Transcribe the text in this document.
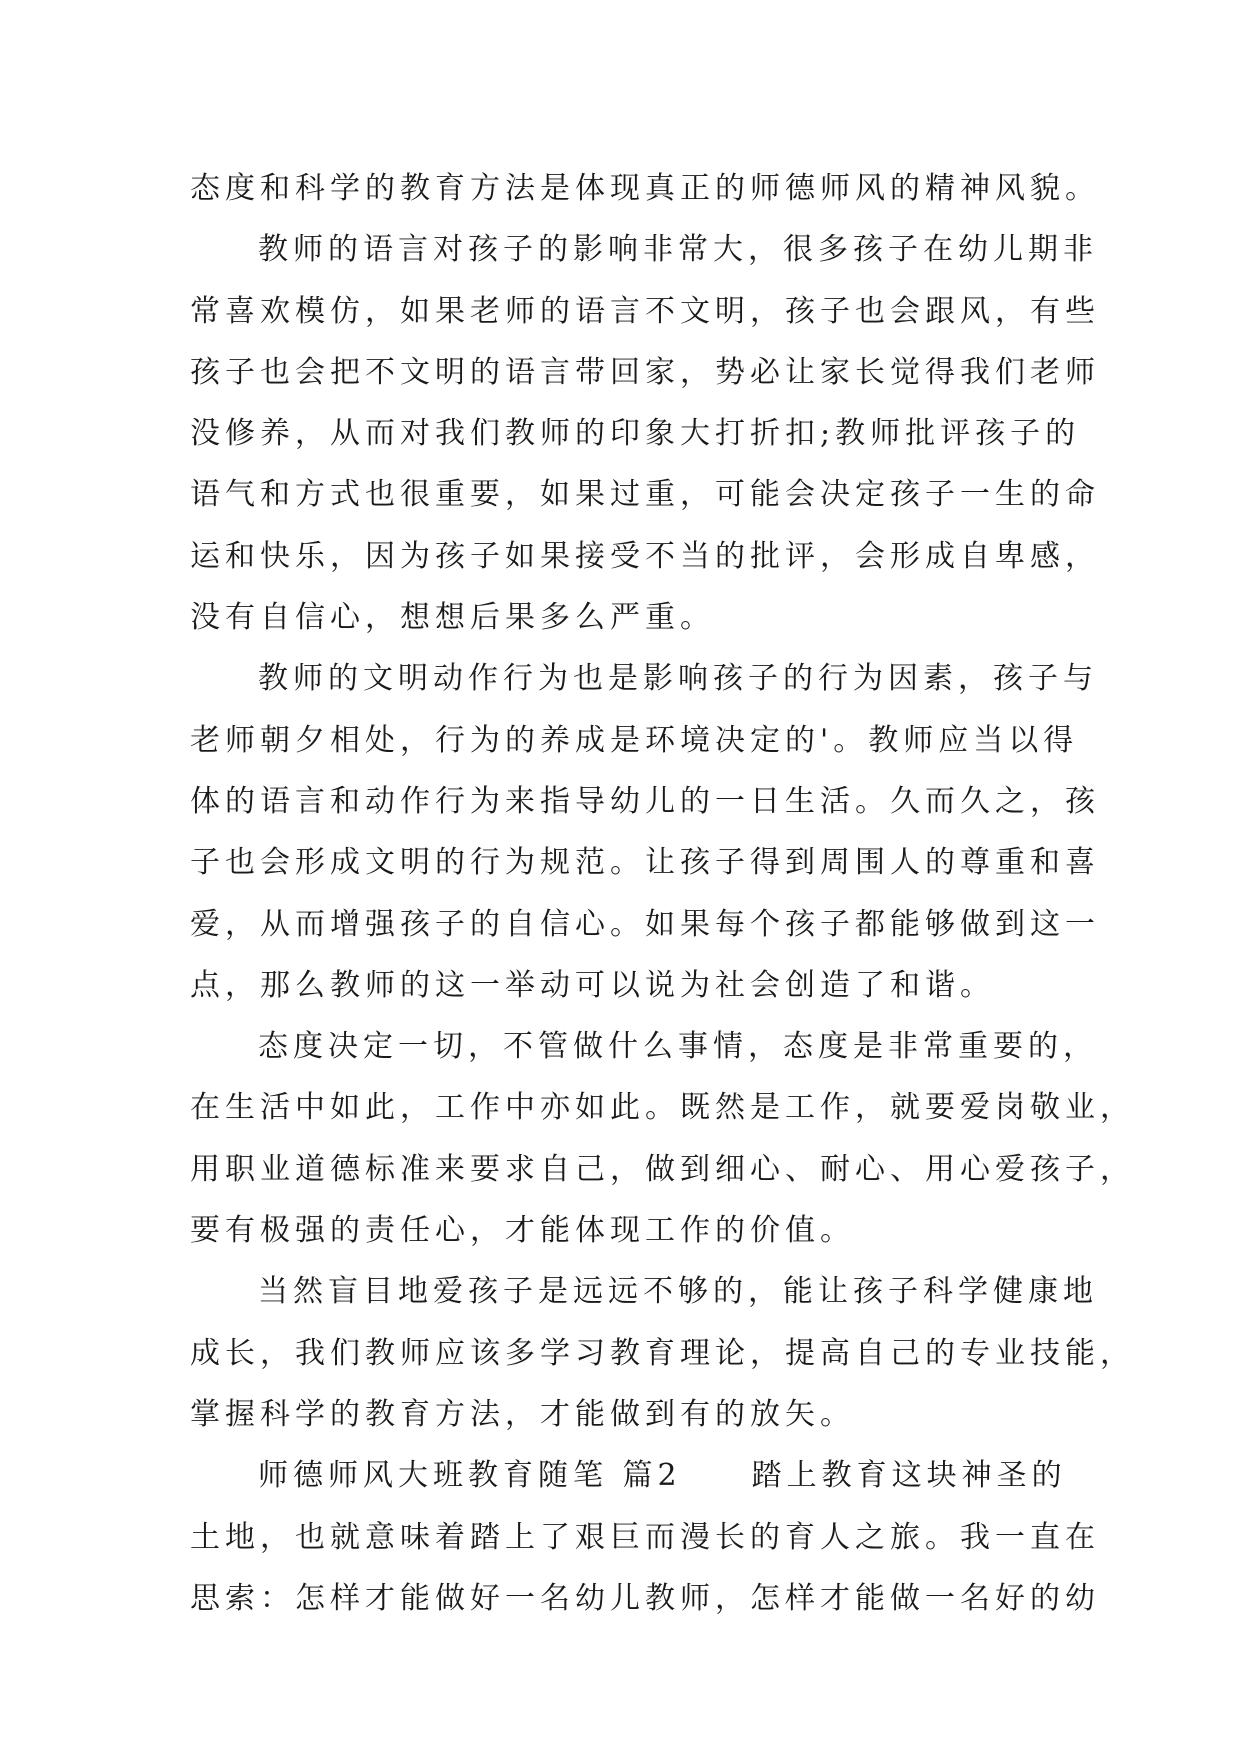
态度和科学的教育方法是体现真正的师德师风的精神风貌。
教师的语言对孩子的影响非常大，很多孩子在幼儿期非
常喜欢模仿，如果老师的语言不文明，孩子也会跟风，有些
孩子也会把不文明的语言带回家，势必让家长觉得我们老师
没修养，从而对我们教师的印象大打折扣;教师批评孩子的
语气和方式也很重要，如果过重，可能会决定孩子一生的命
运和快乐，因为孩子如果接受不当的批评，会形成自卑感，
没有自信心，想想后果多么严重。
教师的文明动作行为也是影响孩子的行为因素，孩子与
老师朝夕相处，行为的养成是环境决定的'。教师应当以得
体的语言和动作行为来指导幼儿的一日生活。久而久之，孩
子也会形成文明的行为规范。让孩子得到周围人的尊重和喜
爱，从而增强孩子的自信心。如果每个孩子都能够做到这一
点，那么教师的这一举动可以说为社会创造了和谐。
态度决定一切，不管做什么事情，态度是非常重要的，
在生活中如此，工作中亦如此。既然是工作，就要爱岗敬业，
用职业道德标准来要求自己，做到细心、耐心、用心爱孩子，
要有极强的责任心，才能体现工作的价值。
当然盲目地爱孩子是远远不够的，能让孩子科学健康地
成长，我们教师应该多学习教育理论，提高自己的专业技能，
掌握科学的教育方法，才能做到有的放矢。
师德师风大班教育随笔 篇2　　踏上教育这块神圣的
土地，也就意味着踏上了艰巨而漫长的育人之旅。我一直在
思索：怎样才能做好一名幼儿教师，怎样才能做一名好的幼
